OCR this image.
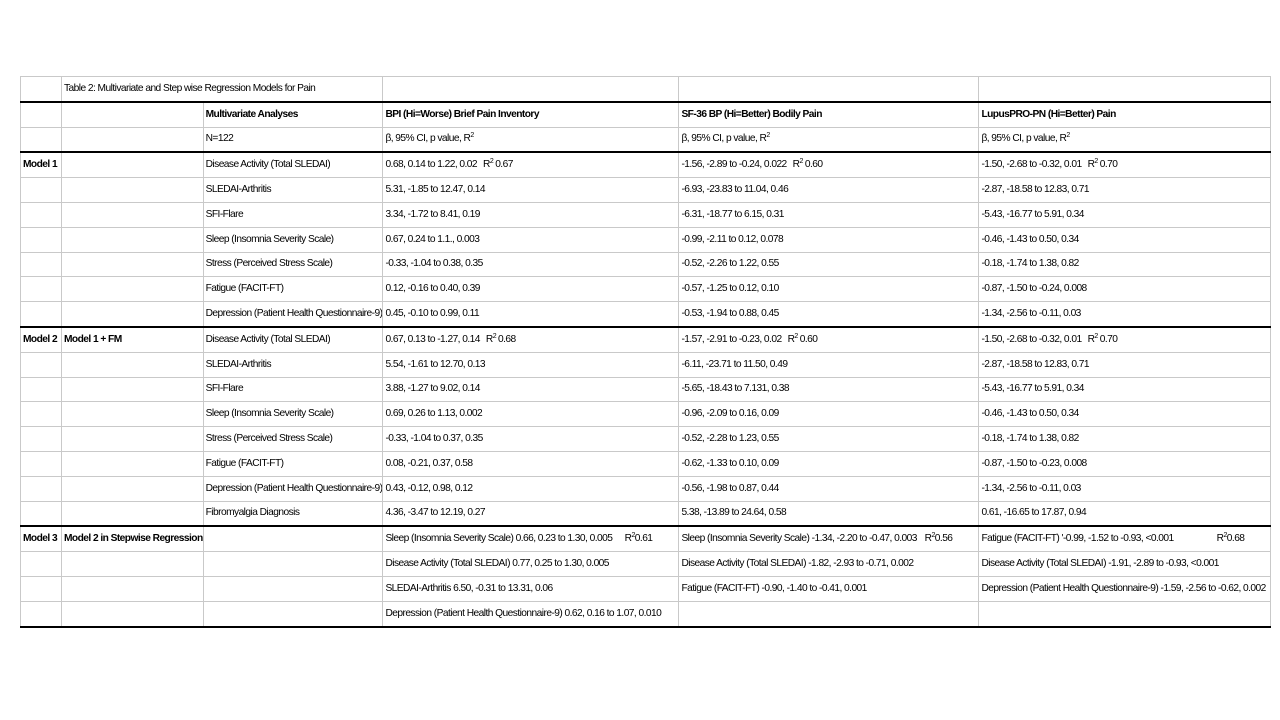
	Table 2: Multivariate and Step wise Regression Models for Pain				
		Multivariate Analyses	BPI (Hi=Worse) Brief Pain Inventory	SF-36 BP (Hi=Better) Bodily Pain	LupusPRO-PN (Hi=Better) Pain
		N=122	β, 95% CI, p value, $R^2$	β, 95% CI, p value, $R^2$	β, 95% CI, p value, $R^2$
Model 1		Disease Activity (Total SLEDAI)	0.68, 0.14 to 1.22, 0.02 $R^2$ 0.67	-1.56, -2.89 to -0.24, 0.022 $R^2$ 0.60	-1.50, -2.68 to -0.32, 0.01 $R^2$ 0.70
		SLEDAI-Arthritis	5.31, -1.85 to 12.47, 0.14	-6.93, -23.83 to 11.04, 0.46	-2.87, -18.58 to 12.83, 0.71
		SFI-Flare	3.34, -1.72 to 8.41, 0.19	-6.31, -18.77 to 6.15, 0.31	-5.43, -16.77 to 5.91, 0.34
		Sleep (Insomnia Severity Scale)	0.67, 0.24 to 1.1., 0.003	-0.99, -2.11 to 0.12, 0.078	-0.46, -1.43 to 0.50, 0.34
		Stress (Perceived Stress Scale)	-0.33, -1.04 to 0.38, 0.35	-0.52, -2.26 to 1.22, 0.55	-0.18, -1.74 to 1.38, 0.82
		Fatigue (FACIT-FT)	0.12, -0.16 to 0.40, 0.39	-0.57, -1.25 to 0.12, 0.10	-0.87, -1.50 to -0.24, 0.008
		Depression (Patient Health Questionnaire-9)	0.45, -0.10 to 0.99, 0.11	-0.53, -1.94 to 0.88, 0.45	-1.34, -2.56 to -0.11, 0.03
Model 2	Model 1 + FM	Disease Activity (Total SLEDAI)	0.67, 0.13 to -1.27, 0.14 $R^2$ 0.68	-1.57, -2.91 to -0.23, 0.02 $R^2$ 0.60	-1.50, -2.68 to -0.32, 0.01 $R^2$ 0.70
		SLEDAI-Arthritis	5.54, -1.61 to 12.70, 0.13	-6.11, -23.71 to 11.50, 0.49	-2.87, -18.58 to 12.83, 0.71
		SFI-Flare	3.88, -1.27 to 9.02, 0.14	-5.65, -18.43 to 7.131, 0.38	-5.43, -16.77 to 5.91, 0.34
		Sleep (Insomnia Severity Scale)	0.69, 0.26 to 1.13, 0.002	-0.96, -2.09 to 0.16, 0.09	-0.46, -1.43 to 0.50, 0.34
		Stress (Perceived Stress Scale)	-0.33, -1.04 to 0.37, 0.35	-0.52, -2.28 to 1.23, 0.55	-0.18, -1.74 to 1.38, 0.82
		Fatigue (FACIT-FT)	0.08, -0.21, 0.37, 0.58	-0.62, -1.33 to 0.10, 0.09	-0.87, -1.50 to -0.23, 0.008
		Depression (Patient Health Questionnaire-9)	0.43, -0.12, 0.98, 0.12	-0.56, -1.98 to 0.87, 0.44	-1.34, -2.56 to -0.11, 0.03
		Fibromyalgia Diagnosis	4.36, -3.47 to 12.19, 0.27	5.38, -13.89 to 24.64, 0.58	0.61, -16.65 to 17.87, 0.94
Model 3	Model 2 in Stepwise Regression		Sleep (Insomnia Severity Scale) 0.66, 0.23 to 1.30, 0.005 $R^20.61$	Sleep (Insomnia Severity Scale) -1.34, -2.20 to -0.47, 0.003 $R^20.56$	Fatigue (FACIT-FT) '-0.99, -1.52 to -0.93, <0.001 $R^20.68$

			Disease Activity (Total SLEDAI) 0.77, 0.25 to 1.30, 0.005	Disease Activity (Total SLEDAI) -1.82, -2.93 to -0.71, 0.002	Disease Activity (Total SLEDAI) -1.91, -2.89 to -0.93, <0.001
			SLEDAI-Arthritis 6.50, -0.31 to 13.31, 0.06	Fatigue (FACIT-FT) -0.90, -1.40 to -0.41, 0.001	Depression (Patient Health Questionnaire-9) -1.59, -2.56 to -0.62, 0.002
			Depression (Patient Health Questionnaire-9) 0.62, 0.16 to 1.07, 0.010		
